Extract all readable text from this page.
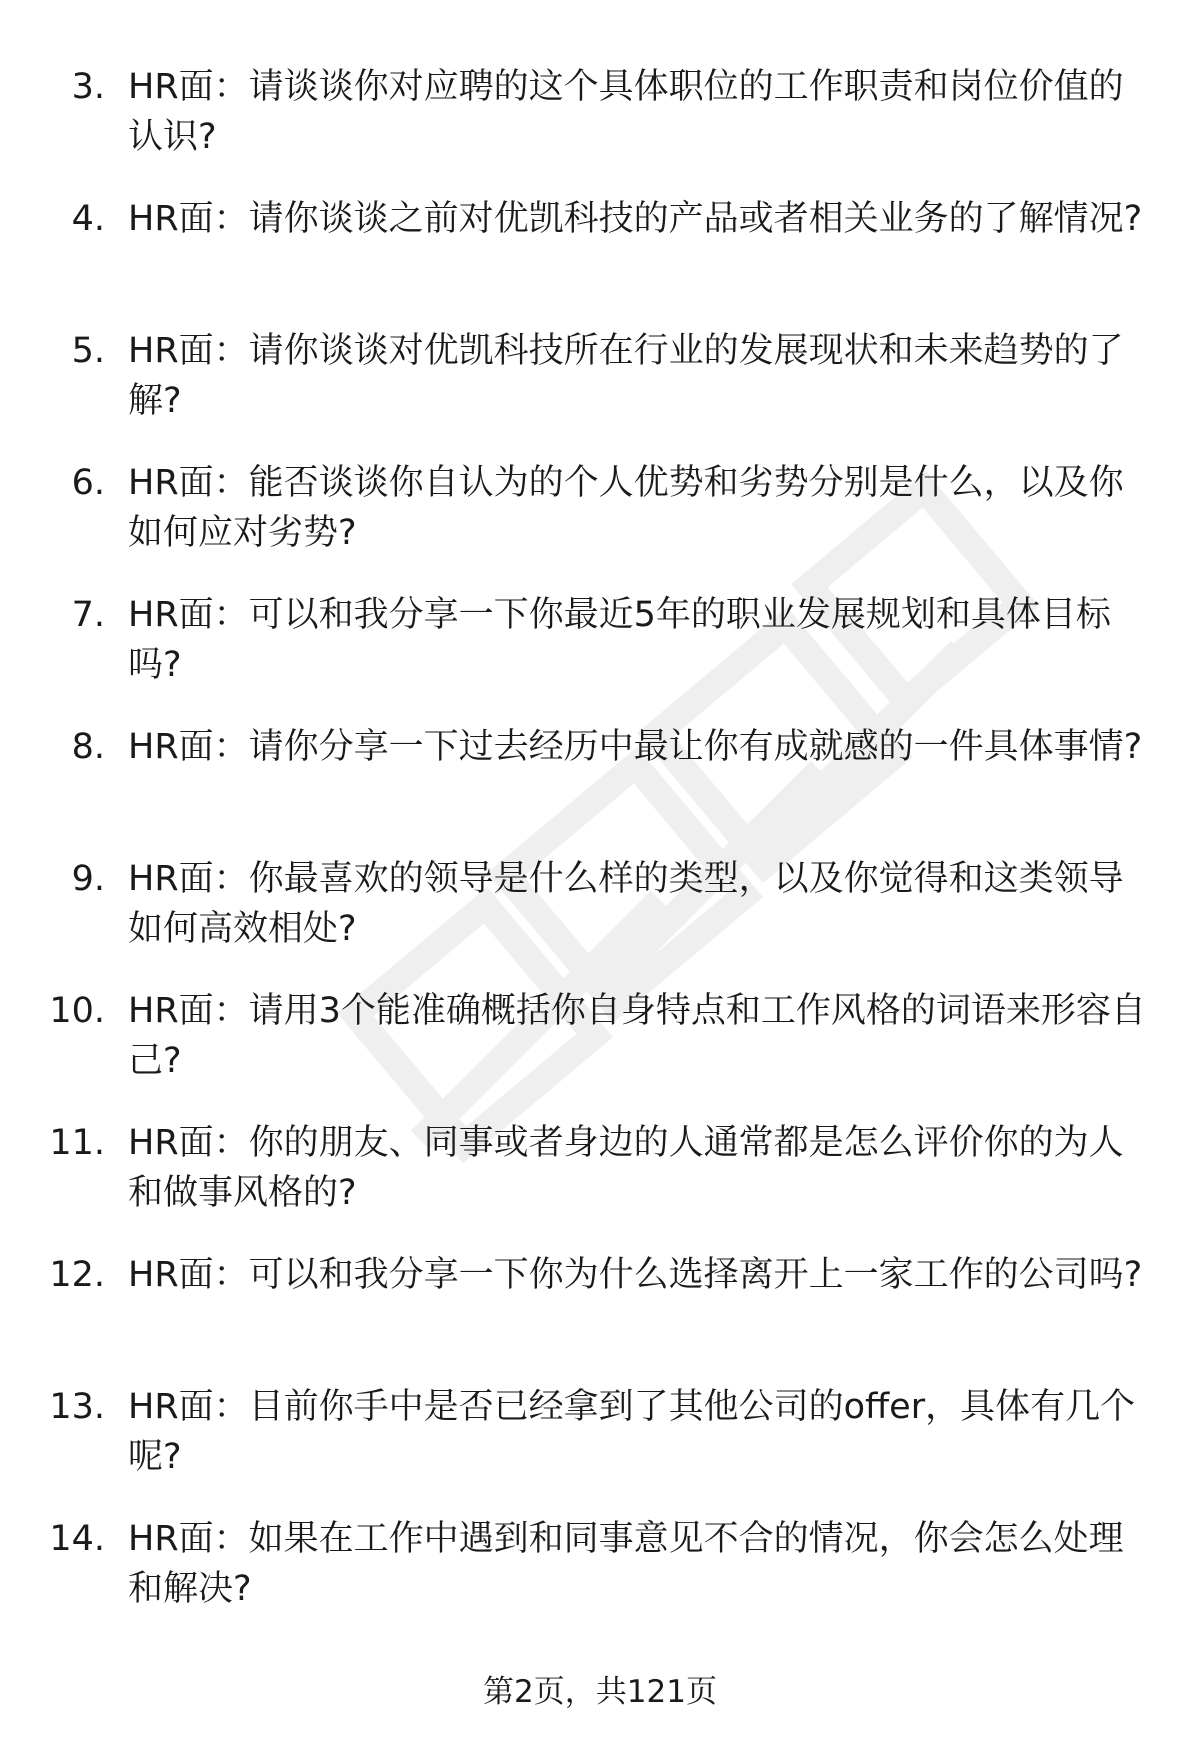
3. HR面：请谈谈你对应聘的这个具体职位的工作职责和岗位价值的认识?

4. HR面：请你谈谈之前对优凯科技的产品或者相关业务的了解情况?

5. HR面：请你谈谈对优凯科技所在行业的发展现状和未来趋势的了解?

6. HR面：能否谈谈你自认为的个人优势和劣势分别是什么，以及你如何应对劣势?

7. HR面：可以和我分享一下你最近5年的职业发展规划和具体目标吗?

8. HR面：请你分享一下过去经历中最让你有成就感的一件具体事情?

9. HR面：你最喜欢的领导是什么样的类型，以及你觉得和这类领导如何高效相处?

10. HR面：请用3个能准确概括你自身特点和工作风格的词语来形容自己?

11. HR面：你的朋友、同事或者身边的人通常都是怎么评价你的为人和做事风格的?

12. HR面：可以和我分享一下你为什么选择离开上一家工作的公司吗?

13. HR面：目前你手中是否已经拿到了其他公司的offer，具体有几个呢?

14. HR面：如果在工作中遇到和同事意见不合的情况，你会怎么处理和解决?

第2页，共121页
